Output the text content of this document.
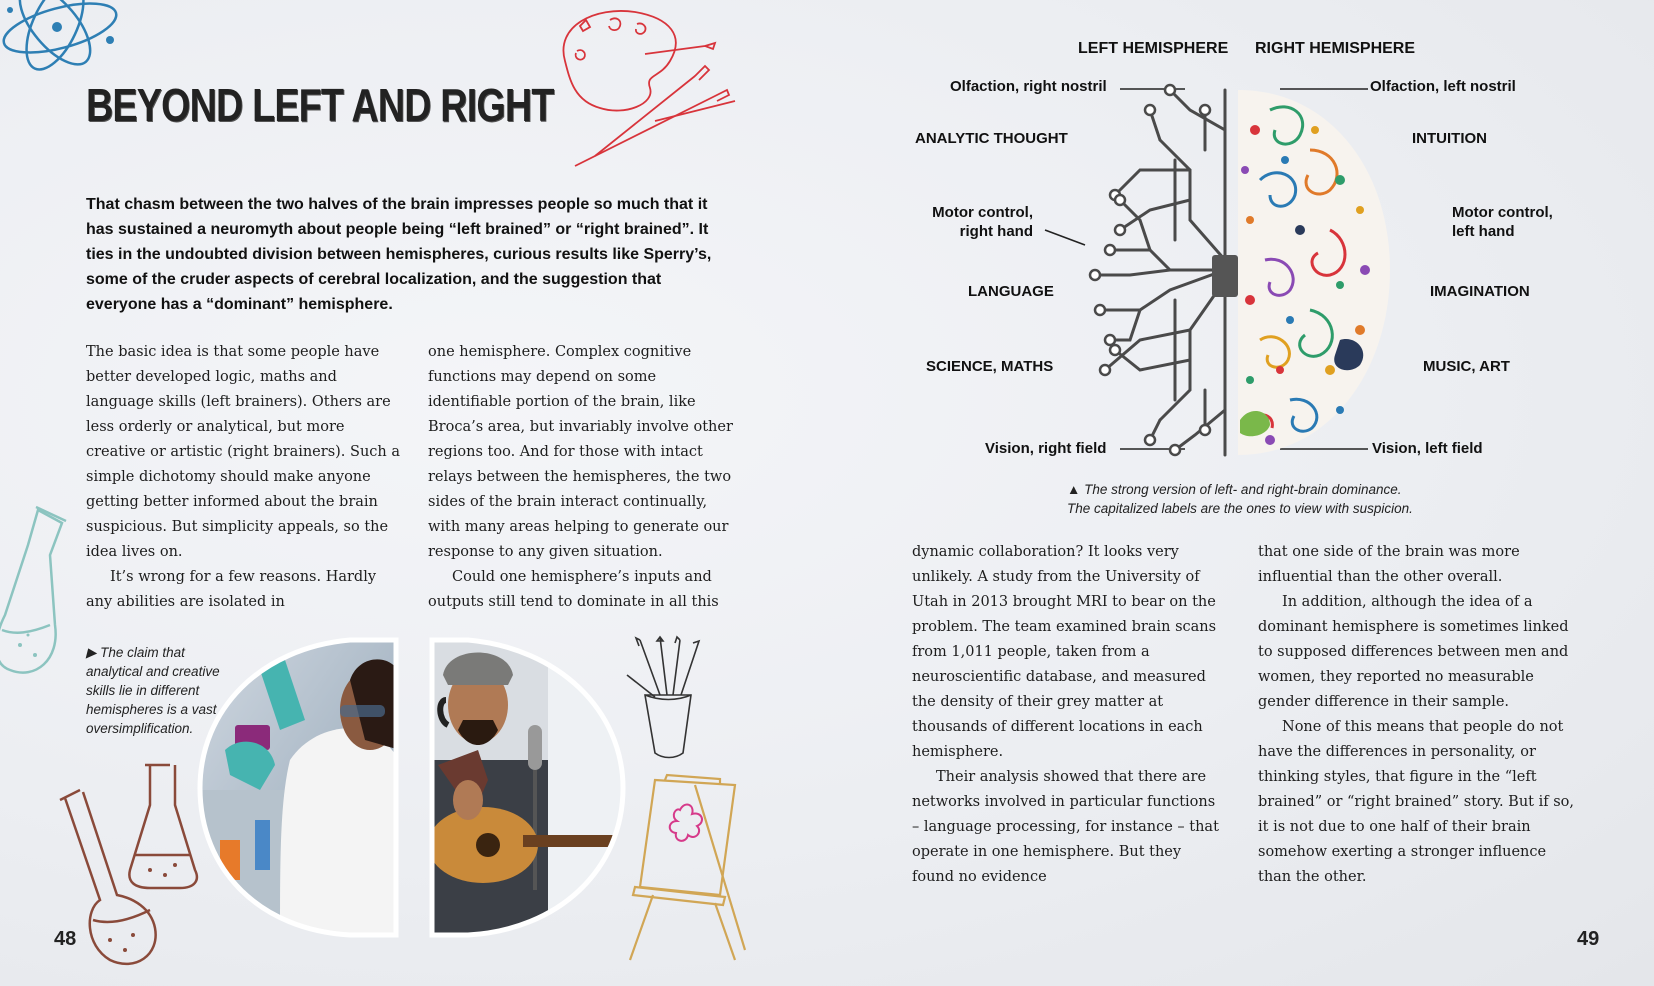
BEYOND LEFT AND RIGHT
That chasm between the two halves of the brain impresses people so much that it has sustained a neuromyth about people being “left brained” or “right brained”. It ties in the undoubted division between hemispheres, curious results like Sperry’s, some of the cruder aspects of cerebral localization, and the suggestion that everyone has a “dominant” hemisphere.

The basic idea is that some people have better developed logic, maths and language skills (left brainers). Others are less orderly or analytical, but more creative or artistic (right brainers). Such a simple dichotomy should make anyone getting better informed about the brain suspicious. But simplicity appeals, so the idea lives on.

It’s wrong for a few reasons. Hardly any abilities are isolated in

one hemisphere. Complex cognitive functions may depend on some identifiable portion of the brain, like Broca’s area, but invariably involve other regions too. And for those with intact relays between the hemispheres, the two sides of the brain interact continually, with many areas helping to generate our response to any given situation.

Could one hemisphere’s inputs and outputs still tend to dominate in all this

▶ The claim that analytical and creative skills lie in different hemispheres is a vast oversimplification.
48
LEFT HEMISPHERE RIGHT HEMISPHERE
Olfaction, right nostril	Olfaction, left nostril
ANALYTIC THOUGHT	INTUITION
Motor control,
right hand
Motor control,
left hand
LANGUAGE	IMAGINATION
SCIENCE, MATHS	MUSIC, ART
Vision, right field	Vision, left field
▲ The strong version of left- and right-brain dominance.
The capitalized labels are the ones to view with suspicion.

dynamic collaboration? It looks very unlikely. A study from the University of Utah in 2013 brought MRI to bear on the problem. The team examined brain scans from 1,011 people, taken from a neuroscientific database, and measured the density of their grey matter at thousands of different locations in each hemisphere.

Their analysis showed that there are networks involved in particular functions – language processing, for instance – that operate in one hemisphere. But they found no evidence

that one side of the brain was more influential than the other overall.

In addition, although the idea of a dominant hemisphere is sometimes linked to supposed differences between men and women, they reported no measurable gender difference in their sample.

None of this means that people do not have the differences in personality, or thinking styles, that figure in the “left brained” or “right brained” story. But if so, it is not due to one half of their brain somehow exerting a stronger influence than the other.

49
